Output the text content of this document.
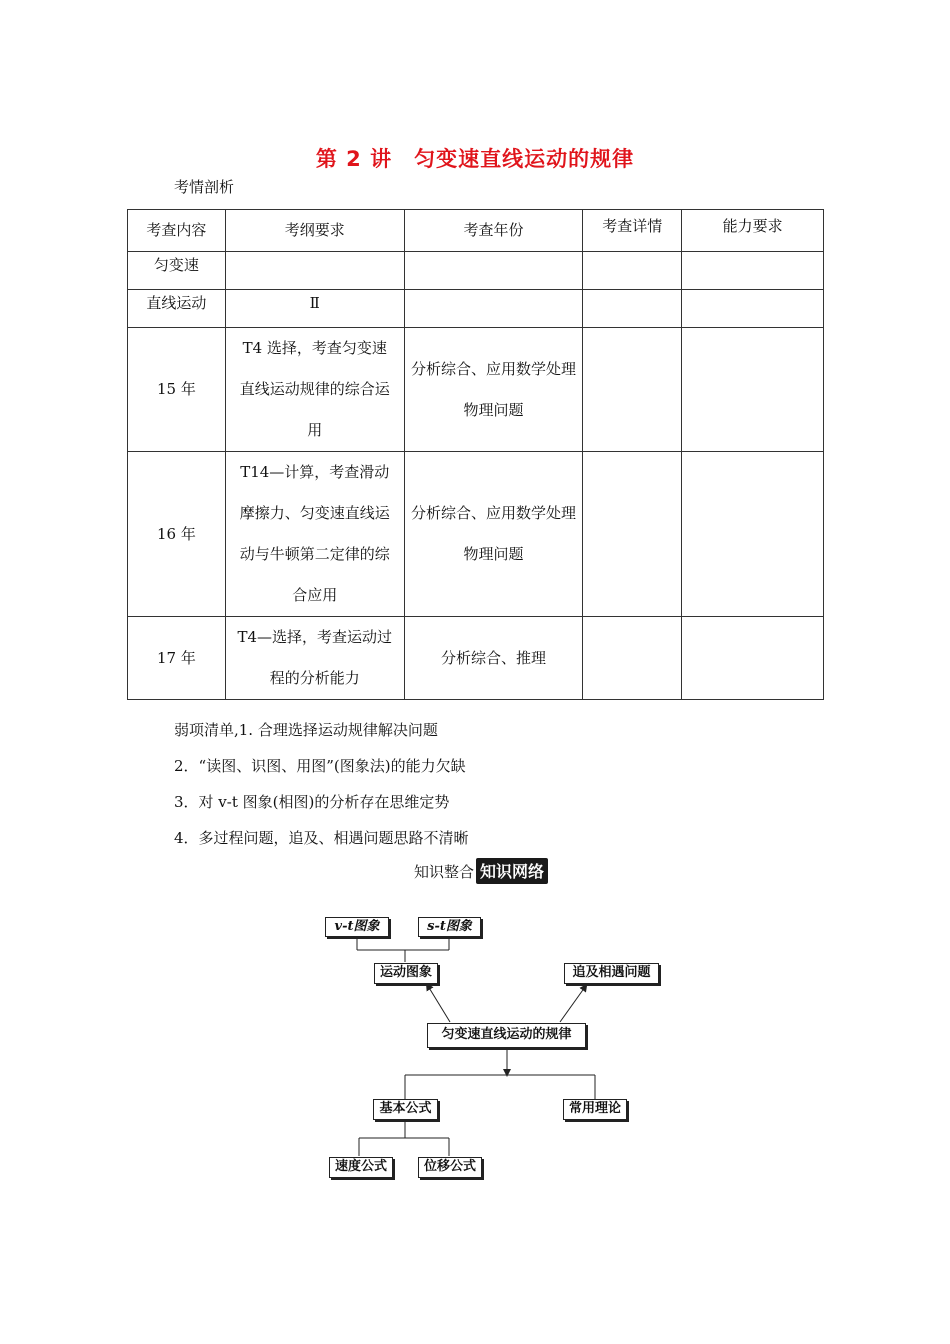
第 2 讲　匀变速直线运动的规律
考情剖析
考查内容	考纲要求	考查年份	考查详情	能力要求
匀变速				
直线运动	Ⅱ			
15 年	T4 选择，考查匀变速直线运动规律的综合运用	分析综合、应用数学处理物理问题		
16 年	T14—计算，考查滑动摩擦力、匀变速直线运动与牛顿第二定律的综合应用	分析综合、应用数学处理物理问题		
17 年	T4—选择，考查运动过程的分析能力	分析综合、推理		
弱项清单,1. 合理选择运动规律解决问题
2．“读图、识图、用图”(图象法)的能力欠缺
3．对 v-t 图象(相图)的分析存在思维定势
4．多过程问题，追及、相遇问题思路不清晰
知识整合 知识网络
v-t图象	s-t图象
运动图象	追及相遇问题
匀变速直线运动的规律
基本公式	常用理论
速度公式	位移公式
